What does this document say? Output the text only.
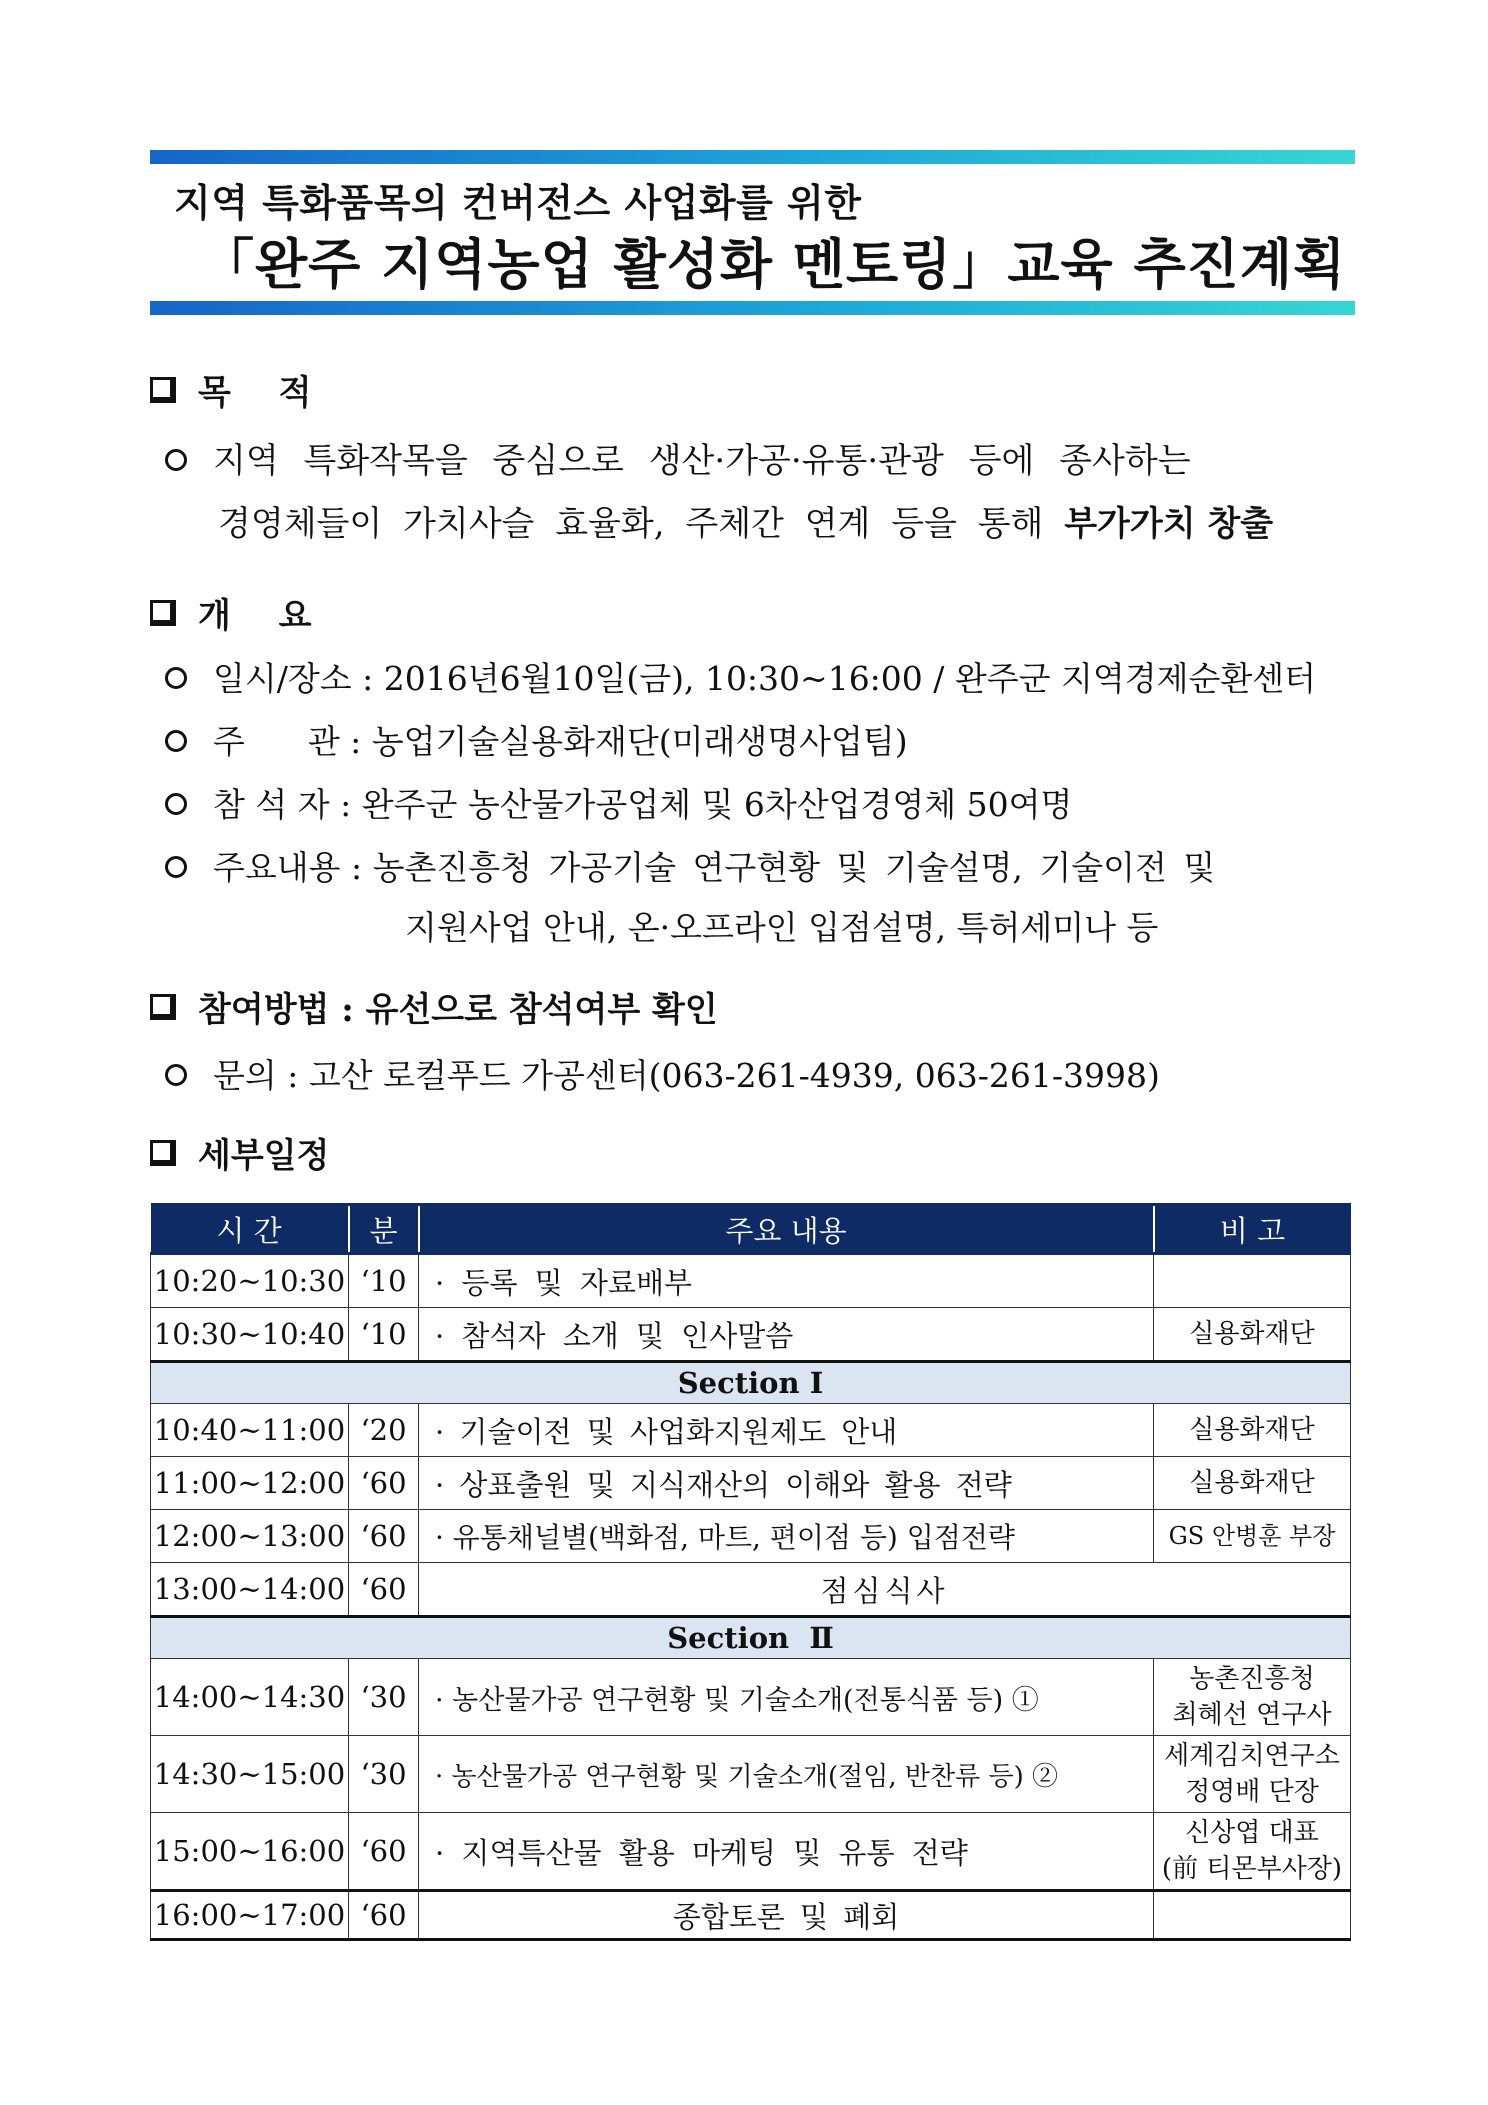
지역 특화품목의 컨버전스 사업화를 위한
「완주 지역농업 활성화 멘토링」교육 추진계획
목 적
지역 특화작목을 중심으로 생산·가공·유통·관광 등에 종사하는
경영체들이 가치사슬 효율화, 주체간 연계 등을 통해 부가가치 창출
개 요
일시/장소 : 2016년6월10일(금), 10:30~16:00 / 완주군 지역경제순환센터
주      관 : 농업기술실용화재단(미래생명사업팀)
참 석 자 : 완주군 농산물가공업체 및 6차산업경영체 50여명
주요내용 : 농촌진흥청 가공기술 연구현황 및 기술설명, 기술이전 및
지원사업 안내, 온·오프라인 입점설명, 특허세미나 등
참여방법 : 유선으로 참석여부 확인
문의 : 고산 로컬푸드 가공센터(063-261-4939, 063-261-3998)
세부일정
시 간	분	주요 내용	비 고
10:20~10:30	‘10	· 등록 및 자료배부	
10:30~10:40	‘10	· 참석자 소개 및 인사말씀	실용화재단
Section Ⅰ			
10:40~11:00	‘20	· 기술이전 및 사업화지원제도 안내	실용화재단
11:00~12:00	‘60	· 상표출원 및 지식재산의 이해와 활용 전략	실용화재단
12:00~13:00	‘60	· 유통채널별(백화점, 마트, 편이점 등) 입점전략	GS 안병훈 부장
13:00~14:00	‘60	점심식사	
Section  Ⅱ			
14:00~14:30	‘30	· 농산물가공 연구현황 및 기술소개(전통식품 등) ①	농촌진흥청
최혜선 연구사

14:30~15:00	‘30	· 농산물가공 연구현황 및 기술소개(절임, 반찬류 등) ②	세계김치연구소
정영배 단장

15:00~16:00	‘60	· 지역특산물 활용 마케팅 및 유통 전략	신상엽 대표
(前 티몬부사장)

16:00~17:00	‘60	종합토론 및 폐회	
